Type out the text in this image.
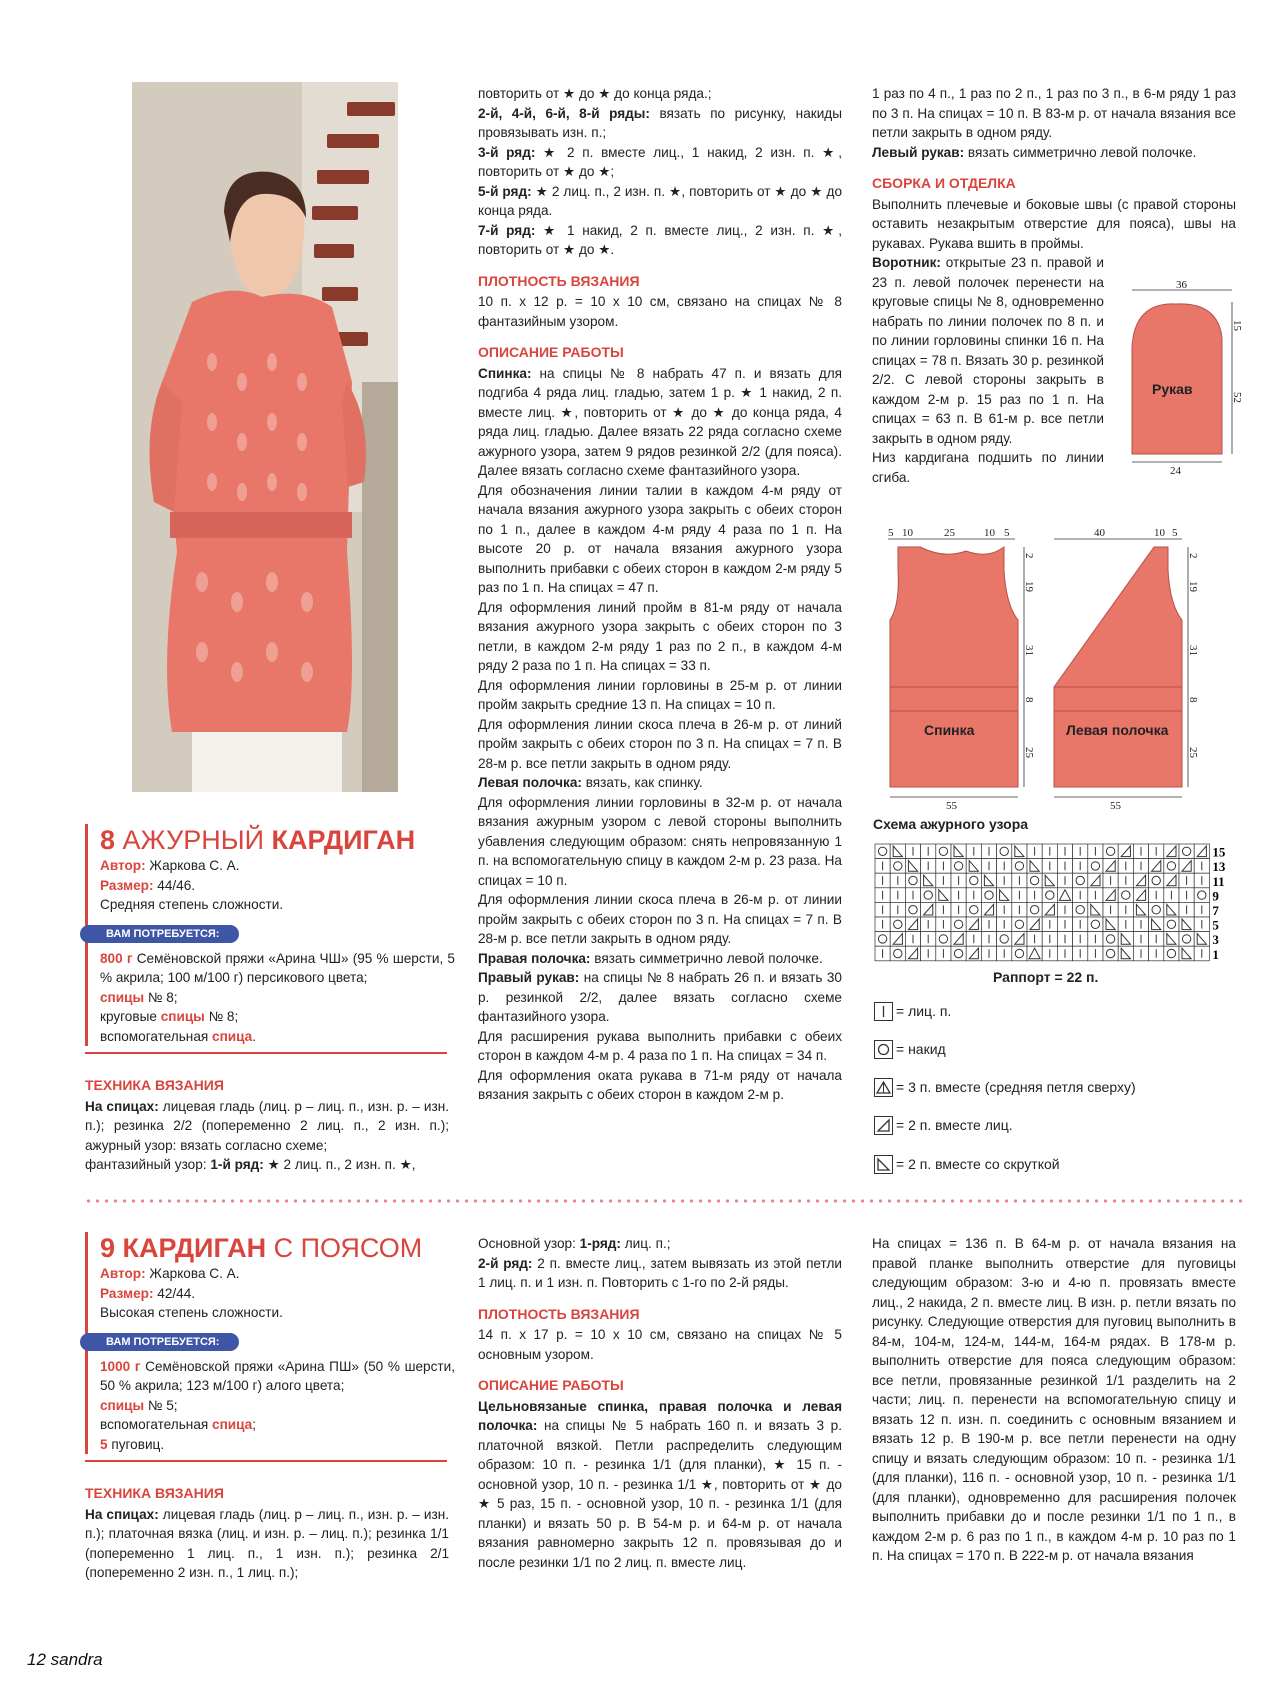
повторить от ★ до ★ до конца ряда.;

2-й, 4-й, 6-й, 8-й ряды: вязать по рисунку, накиды провязывать изн. п.;

3-й ряд: ★ 2 п. вместе лиц., 1 накид, 2 изн. п. ★, повторить от ★ до ★;

5-й ряд: ★ 2 лиц. п., 2 изн. п. ★, повторить от ★ до ★ до конца ряда.

7-й ряд: ★ 1 накид, 2 п. вместе лиц., 2 изн. п. ★, повторить от ★ до ★.

ПЛОТНОСТЬ ВЯЗАНИЯ

10 п. х 12 р. = 10 х 10 см, связано на спицах № 8 фантазийным узором.

ОПИСАНИЕ РАБОТЫ

Спинка: на спицы № 8 набрать 47 п. и вязать для подгиба 4 ряда лиц. гладью, затем 1 р. ★ 1 накид, 2 п. вместе лиц. ★, повторить от ★ до ★ до конца ряда, 4 ряда лиц. гладью. Далее вязать 22 ряда согласно схеме ажурного узора, затем 9 рядов резинкой 2/2 (для пояса). Далее вязать согласно схеме фантазийного узора.

Для обозначения линии талии в каждом 4-м ряду от начала вязания ажурного узора закрыть с обеих сторон по 1 п., далее в каждом 4-м ряду 4 раза по 1 п. На высоте 20 р. от начала вязания ажурного узора выполнить прибавки с обеих сторон в каждом 2-м ряду 5 раз по 1 п. На спицах = 47 п.

Для оформления линий пройм в 81-м ряду от начала вязания ажурного узора закрыть с обеих сторон по 3 петли, в каждом 2-м ряду 1 раз по 2 п., в каждом 4-м ряду 2 раза по 1 п. На спицах = 33 п.

Для оформления линии горловины в 25-м р. от линии пройм закрыть средние 13 п. На спицах = 10 п.

Для оформления линии скоса плеча в 26-м р. от линий пройм закрыть с обеих сторон по 3 п. На спицах = 7 п. В 28-м р. все петли закрыть в одном ряду.

Левая полочка: вязать, как спинку.

Для оформления линии горловины в 32-м р. от начала вязания ажурным узором с левой стороны выполнить убавления следующим образом: снять непровязанную 1 п. на вспомогательную спицу в каждом 2-м р. 23 раза. На спицах = 10 п.

Для оформления линии скоса плеча в 26-м р. от линии пройм закрыть с обеих сторон по 3 п. На спицах = 7 п. В 28-м р. все петли закрыть в одном ряду.

Правая полочка: вязать симметрично левой полочке.

Правый рукав: на спицы № 8 набрать 26 п. и вязать 30 р. резинкой 2/2, далее вязать согласно схеме фантазийного узора.

Для расширения рукава выполнить прибавки с обеих сторон в каждом 4-м р. 4 раза по 1 п. На спицах = 34 п.

Для оформления оката рукава в 71-м ряду от начала вязания закрыть с обеих сторон в каждом 2-м р.

1 раз по 4 п., 1 раз по 2 п., 1 раз по 3 п., в 6-м ряду 1 раз по 3 п. На спицах = 10 п. В 83-м р. от начала вязания все петли закрыть в одном ряду.

Левый рукав: вязать симметрично левой полочке.

СБОРКА И ОТДЕЛКА

Выполнить плечевые и боковые швы (с правой стороны оставить незакрытым отверстие для пояса), швы на рукавах. Рукава вшить в проймы.

Воротник: открытые 23 п. правой и 23 п. левой полочек перенести на круговые спицы № 8, одновременно набрать по линии полочек по 8 п. и по линии горловины спинки 16 п. На спицах = 78 п. Вязать 30 р. резинкой 2/2. С левой стороны закрыть в каждом 2-м р. 15 раз по 1 п. На спицах = 63 п. В 61-м р. все петли закрыть в одном ряду.

Низ кардигана подшить по линии сгиба.

36
15
52
24
Рукав
5 10	25	10 5
2
19
31
8
25
Спинка
55
40	10 5
2
19
31
8
25
Левая полочка
55
Схема ажурного узора
15
13
11
9
7
5
3
1
Раппорт = 22 п.
= лиц. п.
= накид
= 3 п. вместе (средняя петля сверху)
= 2 п. вместе лиц.
= 2 п. вместе со скруткой
8 АЖУРНЫЙ КАРДИГАН
Автор: Жаркова С. А.
Размер: 44/46.
Средняя степень сложности.
ВАМ ПОТРЕБУЕТСЯ:
800 г Семёновской пряжи «Арина ЧШ» (95 % шерсти, 5 % акрила; 100 м/100 г) персикового цвета;
спицы № 8;
круговые спицы № 8;
вспомогательная спица.
ТЕХНИКА ВЯЗАНИЯ

На спицах: лицевая гладь (лиц. р – лиц. п., изн. р. – изн. п.); резинка 2/2 (попеременно 2 лиц. п., 2 изн. п.); ажурный узор: вязать согласно схеме;

фантазийный узор: 1-й ряд: ★ 2 лиц. п., 2 изн. п. ★,

9 КАРДИГАН С ПОЯСОМ
Автор: Жаркова С. А.
Размер: 42/44.
Высокая степень сложности.
ВАМ ПОТРЕБУЕТСЯ:
1000 г Семёновской пряжи «Арина ПШ» (50 % шерсти, 50 % акрила; 123 м/100 г) алого цвета;
спицы № 5;
вспомогательная спица;
5 пуговиц.
ТЕХНИКА ВЯЗАНИЯ

На спицах: лицевая гладь (лиц. р – лиц. п., изн. р. – изн. п.); платочная вязка (лиц. и изн. р. – лиц. п.); резинка 1/1 (попеременно 1 лиц. п., 1 изн. п.); резинка 2/1 (попеременно 2 изн. п., 1 лиц. п.);

Основной узор: 1-ряд: лиц. п.;

2-й ряд: 2 п. вместе лиц., затем вывязать из этой петли 1 лиц. п. и 1 изн. п. Повторить с 1-го по 2-й ряды.

ПЛОТНОСТЬ ВЯЗАНИЯ

14 п. х 17 р. = 10 х 10 см, связано на спицах № 5 основным узором.

ОПИСАНИЕ РАБОТЫ

Цельновязаные спинка, правая полочка и левая полочка: на спицы № 5 набрать 160 п. и вязать 3 р. платочной вязкой. Петли распределить следующим образом: 10 п. - резинка 1/1 (для планки), ★ 15 п. - основной узор, 10 п. - резинка 1/1 ★, повторить от ★ до ★ 5 раз, 15 п. - основной узор, 10 п. - резинка 1/1 (для планки) и вязать 50 р. В 54-м р. и 64-м р. от начала вязания равномерно закрыть 12 п. провязывая до и после резинки 1/1 по 2 лиц. п. вместе лиц.

На спицах = 136 п. В 64-м р. от начала вязания на правой планке выполнить отверстие для пуговицы следующим образом: 3-ю и 4-ю п. провязать вместе лиц., 2 накида, 2 п. вместе лиц. В изн. р. петли вязать по рисунку. Следующие отверстия для пуговиц выполнить в 84-м, 104-м, 124-м, 144-м, 164-м рядах. В 178-м р. выполнить отверстие для пояса следующим образом: все петли, провязанные резинкой 1/1 разделить на 2 части; лиц. п. перенести на вспомогательную спицу и вязать 12 п. изн. п. соединить с основным вязанием и вязать 12 р. В 190-м р. все петли перенести на одну спицу и вязать следующим образом: 10 п. - резинка 1/1 (для планки), 116 п. - основной узор, 10 п. - резинка 1/1 (для планки), одновременно для расширения полочек выполнить прибавки до и после резинки 1/1 по 1 п., в каждом 2-м р. 6 раз по 1 п., в каждом 4-м р. 10 раз по 1 п. На спицах = 170 п. В 222-м р. от начала вязания

12 sandra
